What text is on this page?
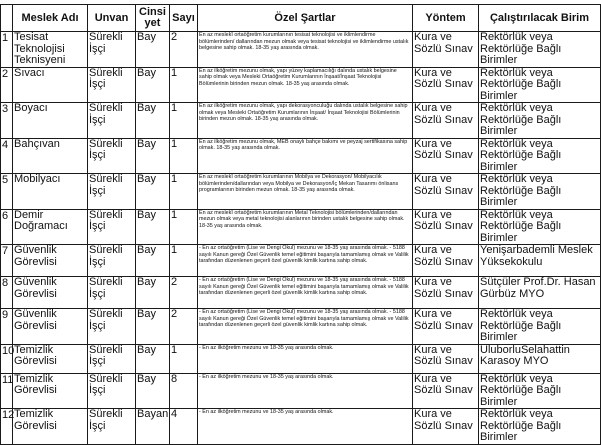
	Meslek Adı	Unvan	Cinsi yet	Sayı	Özel Şartlar	Yöntem	Çalıştırılacak Birim
1	Tesisat Teknolojisi Teknisyeni	Sürekli İşçi	Bay	2	En az meslekî ortaöğretim kurumlarının tesisat teknolojisi ve iklimlendirme bölümlerinden/ dallarından mezun olmak veya tesisat teknolojisi ve iklimlendirme ustalık belgesine sahip olmak. 18-35 yaş arasında olmak.	Kura ve Sözlü Sınav	Rektörlük veya Rektörlüğe Bağlı Birimler
2	Sıvacı	Sürekli İşçi	Bay	1	En az ilköğretim mezunu olmak, yapı yüzey kaplamacılığı dalında ustalık belgesine sahip olmak veya Mesleki Ortaöğretim Kurumlarının İnşaat/İnşaat Teknolojisi Bölümlerinin birinden mezun olmak. 18-35 yaş arasında olmak.	Kura ve Sözlü Sınav	Rektörlük veya Rektörlüğe Bağlı Birimler
3	Boyacı	Sürekli İşçi	Bay	1	En az ilköğretim mezunu olmak, yapı dekorasyonculuğu dalında ustalık belgesine sahip olmak veya Mesleki Ortaöğretim Kurumlarının İnşaat/ İnşaat Teknolojisi Bölümlerinin birinden mezun olmak. 18-35 yaş arasında olmak.	Kura ve Sözlü Sınav	Rektörlük veya Rektörlüğe Bağlı Birimler
4	Bahçıvan	Sürekli İşçi	Bay	1	En az ilköğretim mezunu olmak, MEB onaylı bahçe bakımı ve peyzaj sertifikasına sahip olmak. 18-35 yaş arasında olmak.	Kura ve Sözlü Sınav	Rektörlük veya Rektörlüğe Bağlı Birimler
5	Mobilyacı	Sürekli İşçi	Bay	1	En az meslekî ortaöğretim kurumlarının Mobilya ve Dekorasyon/ Mobilyacılık bölümlerinden/dallarından veya Mobilya ve Dekorasyon/İç Mekan Tasarımı önlisans programlarının birinden mezun olmak. 18-35 yaş arasında olmak.	Kura ve Sözlü Sınav	Rektörlük veya Rektörlüğe Bağlı Birimler
6	Demir Doğramacı	Sürekli İşçi	Bay	1	En az meslekî ortaöğretim kurumlarının Metal Teknolojisi bölümlerinden/dallarından mezun olmak veya metal teknolojisi alanlarının birinden ustalık belgesine sahip olmak. 18-35 yaş arasında olmak.	Kura ve Sözlü Sınav	Rektörlük veya Rektörlüğe Bağlı Birimler
7	Güvenlik Görevlisi	Sürekli İşçi	Bay	1	- En az ortaöğretim (Lise ve Dengi Okul) mezunu ve 18-35 yaş arasında olmak. - 5188 sayılı Kanun gereği Özel Güvenlik temel eğitimini başarıyla tamamlamış olmak ve Valilik tarafından düzenlenen geçerli özel güvenlik kimlik kartına sahip olmak.	Kura ve Sözlü Sınav	Yenişarbademli Meslek Yüksekokulu
8	Güvenlik Görevlisi	Sürekli İşçi	Bay	2	- En az ortaöğretim (Lise ve Dengi Okul) mezunu ve 18-35 yaş arasında olmak. - 5188 sayılı Kanun gereği Özel Güvenlik temel eğitimini başarıyla tamamlamış olmak ve Valilik tarafından düzenlenen geçerli özel güvenlik kimlik kartına sahip olmak.	Kura ve Sözlü Sınav	Sütçüler Prof.Dr. Hasan Gürbüz MYO
9	Güvenlik Görevlisi	Sürekli İşçi	Bay	2	- En az ortaöğretim (Lise ve Dengi Okul) mezunu ve 18-35 yaş arasında olmak. - 5188 sayılı Kanun gereği Özel Güvenlik temel eğitimini başarıyla tamamlamış olmak ve Valilik tarafından düzenlenen geçerli özel güvenlik kimlik kartına sahip olmak.	Kura ve Sözlü Sınav	Rektörlük veya Rektörlüğe Bağlı Birimler
10	Temizlik Görevlisi	Sürekli İşçi	Bay	1	- En az ilköğretim mezunu ve 18-35 yaş arasında olmak.	Kura ve Sözlü Sınav	UluborluSelahattin Karasoy MYO
11	Temizlik Görevlisi	Sürekli İşçi	Bay	8	- En az ilköğretim mezunu ve 18-35 yaş arasında olmak.	Kura ve Sözlü Sınav	Rektörlük veya Rektörlüğe Bağlı Birimler
12	Temizlik Görevlisi	Sürekli İşçi	Bayan	4	- En az ilköğretim mezunu ve 18-35 yaş arasında olmak.	Kura ve Sözlü Sınav	Rektörlük veya Rektörlüğe Bağlı Birimler
